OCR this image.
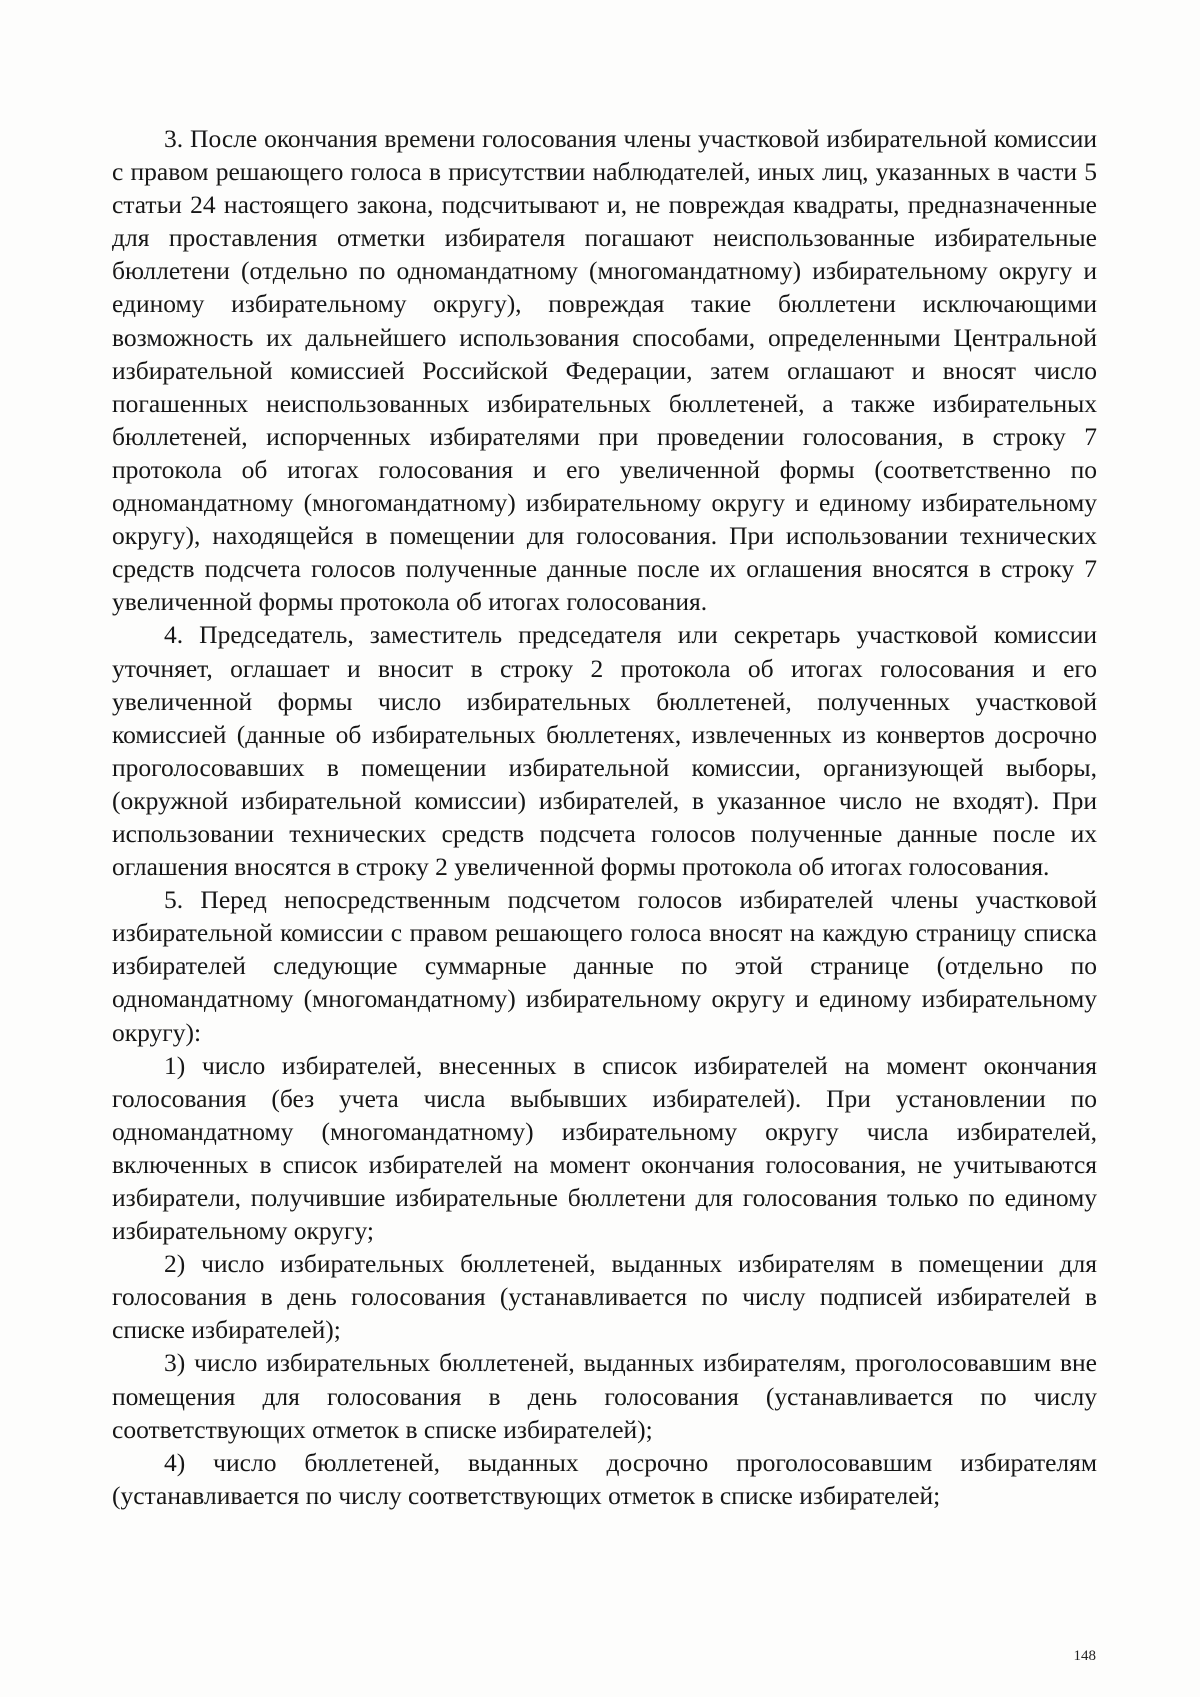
3. После окончания времени голосования члены участковой избирательной комиссии с правом решающего голоса в присутствии наблюдателей, иных лиц, указанных в части 5 статьи 24 настоящего закона, подсчитывают и, не повреждая квадраты, предназначенные для проставления отметки избирателя погашают неиспользованные избирательные бюллетени (отдельно по одномандатному (многомандатному) избирательному округу и единому избирательному округу), повреждая такие бюллетени исключающими возможность их дальнейшего использования способами, определенными Центральной избирательной комиссией Российской Федерации, затем оглашают и вносят число погашенных неиспользованных избирательных бюллетеней, а также избирательных бюллетеней, испорченных избирателями при проведении голосования, в строку 7 протокола об итогах голосования и его увеличенной формы (соответственно по одномандатному (многомандатному) избирательному округу и единому избирательному округу), находящейся в помещении для голосования. При использовании технических средств подсчета голосов полученные данные после их оглашения вносятся в строку 7 увеличенной формы протокола об итогах голосования.

4. Председатель, заместитель председателя или секретарь участковой комиссии уточняет, оглашает и вносит в строку 2 протокола об итогах голосования и его увеличенной формы число избирательных бюллетеней, полученных участковой комиссией (данные об избирательных бюллетенях, извлеченных из конвертов досрочно проголосовавших в помещении избирательной комиссии, организующей выборы, (окружной избирательной комиссии) избирателей, в указанное число не входят). При использовании технических средств подсчета голосов полученные данные после их оглашения вносятся в строку 2 увеличенной формы протокола об итогах голосования.

5. Перед непосредственным подсчетом голосов избирателей члены участковой избирательной комиссии с правом решающего голоса вносят на каждую страницу списка избирателей следующие суммарные данные по этой странице (отдельно по одномандатному (многомандатному) избирательному округу и единому избирательному округу):

1) число избирателей, внесенных в список избирателей на момент окончания голосования (без учета числа выбывших избирателей). При установлении по одномандатному (многомандатному) избирательному округу числа избирателей, включенных в список избирателей на момент окончания голосования, не учитываются избиратели, получившие избирательные бюллетени для голосования только по единому избирательному округу;

2) число избирательных бюллетеней, выданных избирателям в помещении для голосования в день голосования (устанавливается по числу подписей избирателей в списке избирателей);

3) число избирательных бюллетеней, выданных избирателям, проголосовавшим вне помещения для голосования в день голосования (устанавливается по числу соответствующих отметок в списке избирателей);

4) число бюллетеней, выданных досрочно проголосовавшим избирателям (устанавливается по числу соответствующих отметок в списке избирателей;

148
